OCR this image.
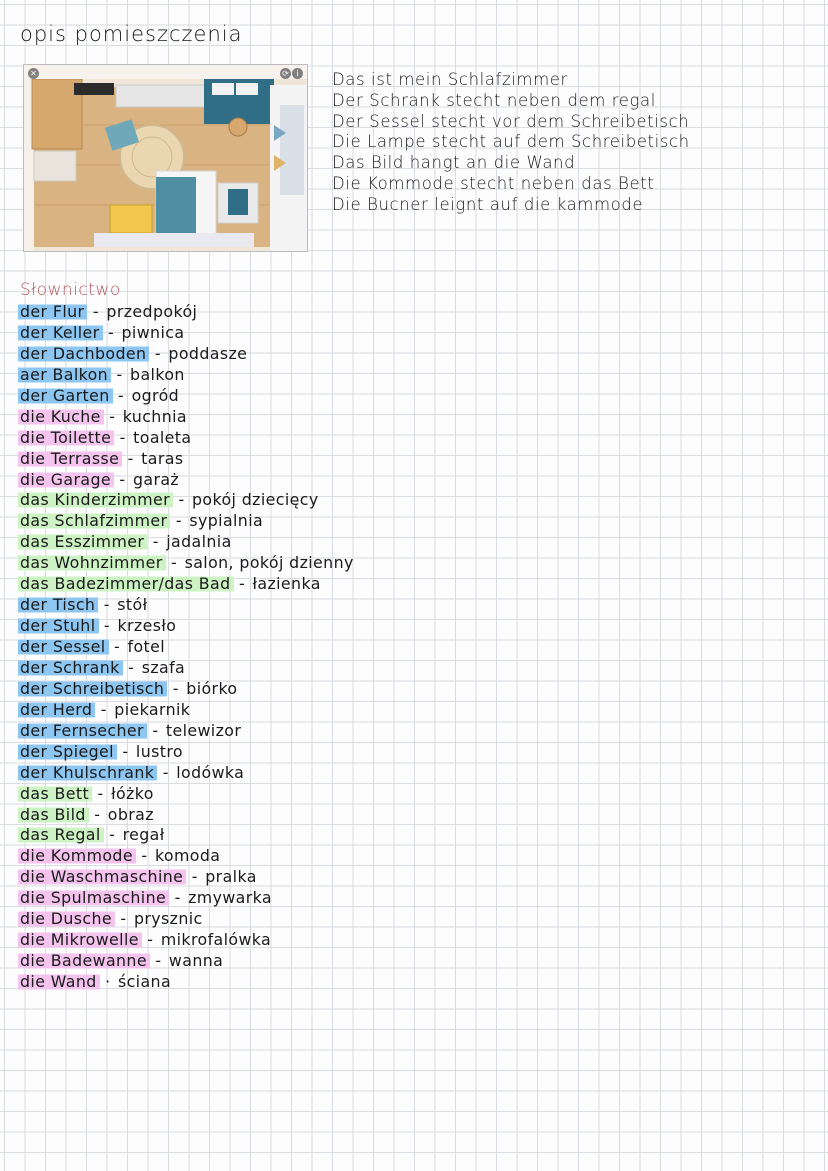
opis pomieszczenia
✕	⟳ i Das ist mein Schlafzimmer
Der Schrank stecht neben dem regal
Der Sessel stecht vor dem Schreibetisch
Die Lampe stecht auf dem Schreibetisch
Das Bild hangt an die Wand
Die Kommode stecht neben das Bett
Die Bucner leignt auf die kammode
Słownictwo
der Flur - przedpokój
der Keller - piwnica
der Dachboden - poddasze
aer Balkon - balkon
der Garten - ogród
die Kuche - kuchnia
die Toilette - toaleta
die Terrasse - taras
die Garage - garaż
das Kinderzimmer - pokój dziecięcy
das Schlafzimmer - sypialnia
das Esszimmer - jadalnia
das Wohnzimmer - salon, pokój dzienny
das Badezimmer/das Bad - łazienka
der Tisch - stół
der Stuhl - krzesło
der Sessel - fotel
der Schrank - szafa
der Schreibetisch - biórko
der Herd - piekarnik
der Fernsecher - telewizor
der Spiegel - lustro
der Khulschrank - lodówka
das Bett - łóżko
das Bild - obraz
das Regal - regał
die Kommode - komoda
die Waschmaschine - pralka
die Spulmaschine - zmywarka
die Dusche - prysznic
die Mikrowelle - mikrofalówka
die Badewanne - wanna
die Wand · ściana
